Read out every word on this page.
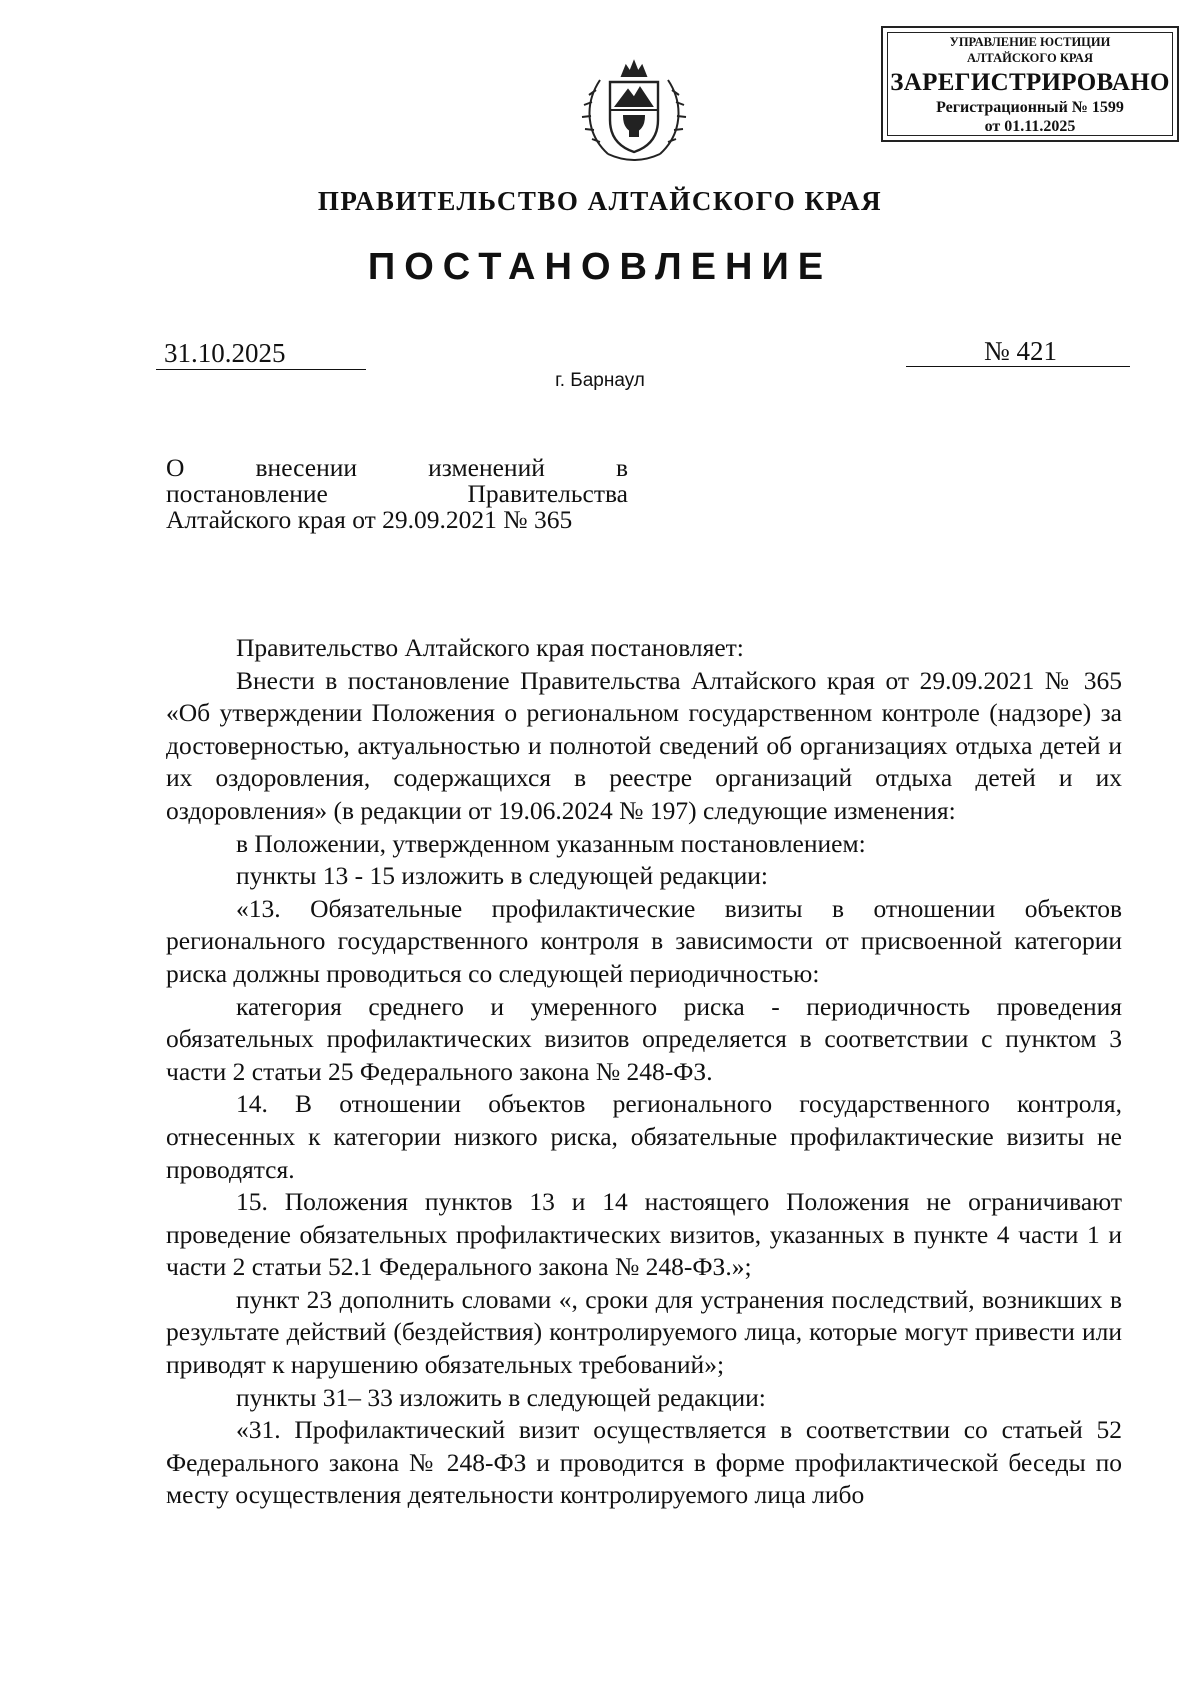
УПРАВЛЕНИЕ ЮСТИЦИИ
АЛТАЙСКОГО КРАЯ
ЗАРЕГИСТРИРОВАНО
Регистрационный № 1599
от 01.11.2025
ПРАВИТЕЛЬСТВО АЛТАЙСКОГО КРАЯ
ПОСТАНОВЛЕНИЕ
31.10.2025	№ 421
г. Барнаул
О внесении изменений в
постановление Правительства
Алтайского края от 29.09.2021 № 365

Правительство Алтайского края постановляет:

Внести в постановление Правительства Алтайского края от 29.09.2021 № 365 «Об утверждении Положения о региональном государственном контроле (надзоре) за достоверностью, актуальностью и полнотой сведений об организациях отдыха детей и их оздоровления, содержащихся в реестре организаций отдыха детей и их оздоровления» (в редакции от 19.06.2024 № 197) следующие изменения:

в Положении, утвержденном указанным постановлением:

пункты 13 - 15 изложить в следующей редакции:

«13. Обязательные профилактические визиты в отношении объектов регионального государственного контроля в зависимости от присвоенной категории риска должны проводиться со следующей периодичностью:

категория среднего и умеренного риска - периодичность проведения обязательных профилактических визитов определяется в соответствии с пунктом 3 части 2 статьи 25 Федерального закона № 248-ФЗ.

14. В отношении объектов регионального государственного контроля, отнесенных к категории низкого риска, обязательные профилактические визиты не проводятся.

15. Положения пунктов 13 и 14 настоящего Положения не ограничивают проведение обязательных профилактических визитов, указанных в пункте 4 части 1 и части 2 статьи 52.1 Федерального закона № 248-ФЗ.»;

пункт 23 дополнить словами «, сроки для устранения последствий, возникших в результате действий (бездействия) контролируемого лица, которые могут привести или приводят к нарушению обязательных требований»;

пункты 31– 33 изложить в следующей редакции:

«31. Профилактический визит осуществляется в соответствии со статьей 52 Федерального закона № 248-ФЗ и проводится в форме профилактической беседы по месту осуществления деятельности контролируемого лица либо
